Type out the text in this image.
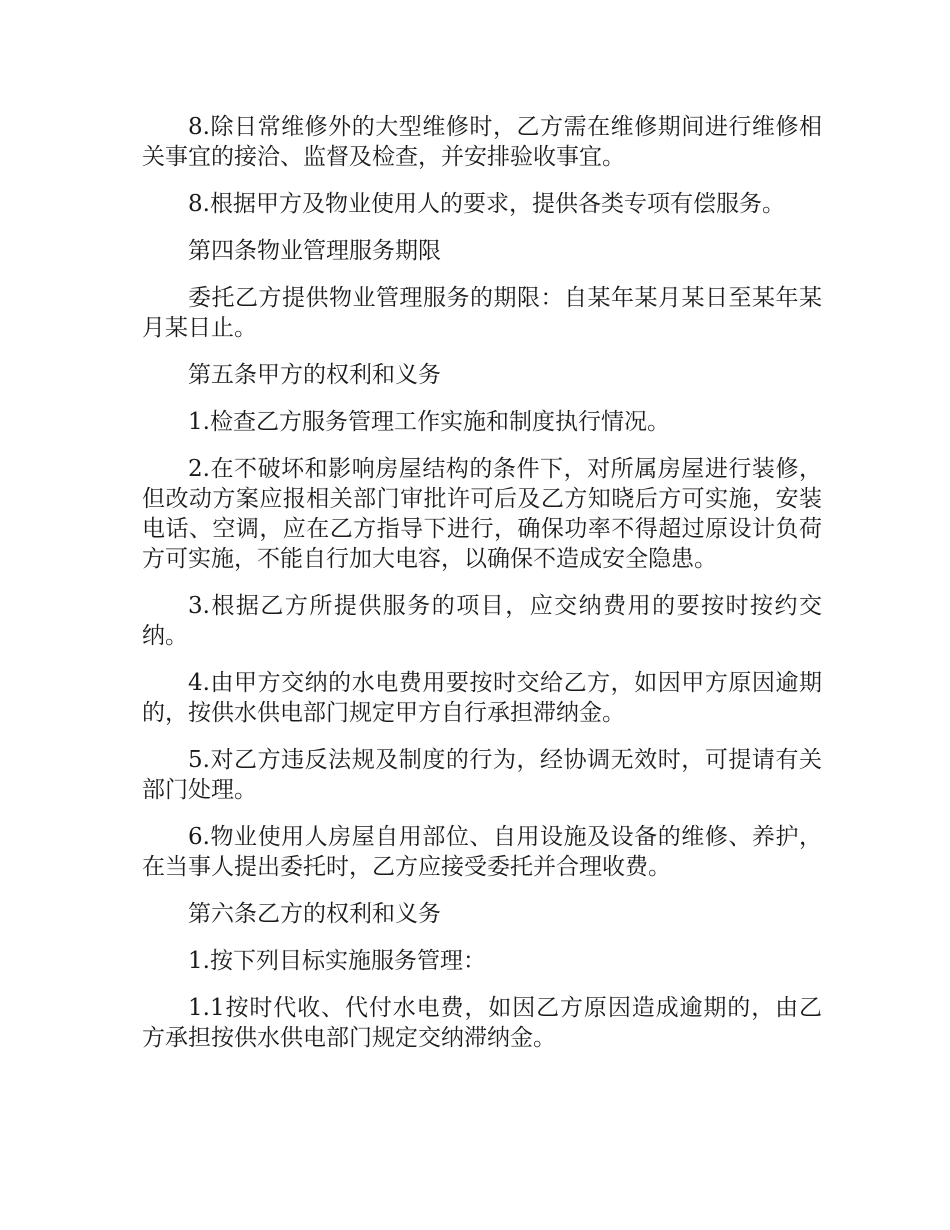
8.除日常维修外的大型维修时，乙方需在维修期间进行维修相关事宜的接洽、监督及检查，并安排验收事宜。

8.根据甲方及物业使用人的要求，提供各类专项有偿服务。

第四条物业管理服务期限

委托乙方提供物业管理服务的期限：自某年某月某日至某年某月某日止。

第五条甲方的权利和义务

1.检查乙方服务管理工作实施和制度执行情况。

2.在不破坏和影响房屋结构的条件下，对所属房屋进行装修，但改动方案应报相关部门审批许可后及乙方知晓后方可实施，安装电话、空调，应在乙方指导下进行，确保功率不得超过原设计负荷方可实施，不能自行加大电容，以确保不造成安全隐患。

3.根据乙方所提供服务的项目，应交纳费用的要按时按约交纳。

4.由甲方交纳的水电费用要按时交给乙方，如因甲方原因逾期的，按供水供电部门规定甲方自行承担滞纳金。

5.对乙方违反法规及制度的行为，经协调无效时，可提请有关部门处理。

6.物业使用人房屋自用部位、自用设施及设备的维修、养护，在当事人提出委托时，乙方应接受委托并合理收费。

第六条乙方的权利和义务

1.按下列目标实施服务管理：

1.1按时代收、代付水电费，如因乙方原因造成逾期的，由乙方承担按供水供电部门规定交纳滞纳金。
